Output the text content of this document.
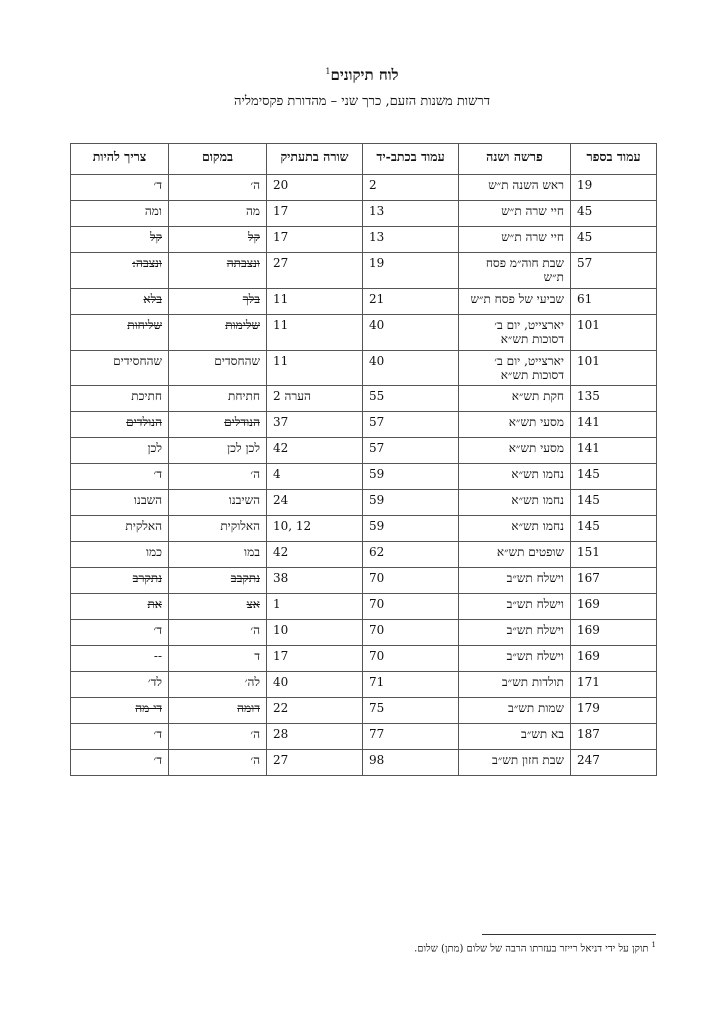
לוח תיקונים$^1$
דרשות משנות הזעם, כרך שני – מהדורת פקסימליה
עמוד בספר	פרשה ושנה	עמוד בכתב-יד	שורה בתעתיק	במקום	צריך להיות
19	ראש השנה ת״ש	2	20	ה׳	ד׳
45	חיי שרה ת״ש	13	17	מה	ומה
45	חיי שרה ת״ש	13	17	קל	קל
57	שבת חוה״מ פסח ת״ש	19	27	ונצבתה	ונצבה:
61	שביעי של פסח ת״ש	21	11	בלך	בלא
101	יארצייט, יום ב׳ דסוכות תש״א	40	11	שלימות	שליחות
101	יארצייט, יום ב׳ דסוכות תש״א	40	11	שהחסדים	שהחסידים
135	חקת תש״א	55	הערה 2	חתיחת	חתיכת
141	מסעי תש״א	57	37	הנודלים	הנולדים
141	מסעי תש״א	57	42	לכן לכן	לכן
145	נחמו תש״א	59	4	ה׳	ד׳
145	נחמו תש״א	59	24	השיבנו	השבנו
145	נחמו תש״א	59	10, 12	האלוקית	האלקית
151	שופטים תש״א	62	42	במו	כמו
167	וישלח תש״ב	70	38	נתקבב	נתקרב
169	וישלח תש״ב	70	1	אצ	את
169	וישלח תש״ב	70	10	ה׳	ד׳
169	וישלח תש״ב	70	17	ד	--
171	תולדות תש״ב	71	40	לה׳	לד׳
179	שמות תש״ב	75	22	דומה	די מה
187	בא תש״ב	77	28	ה׳	ד׳
247	שבת חזון תש״ב	98	27	ה׳	ד׳
$^1$תוקן על ידי דניאל רייזר בעזרתו הרבה של שלום (מתן) שלום.
